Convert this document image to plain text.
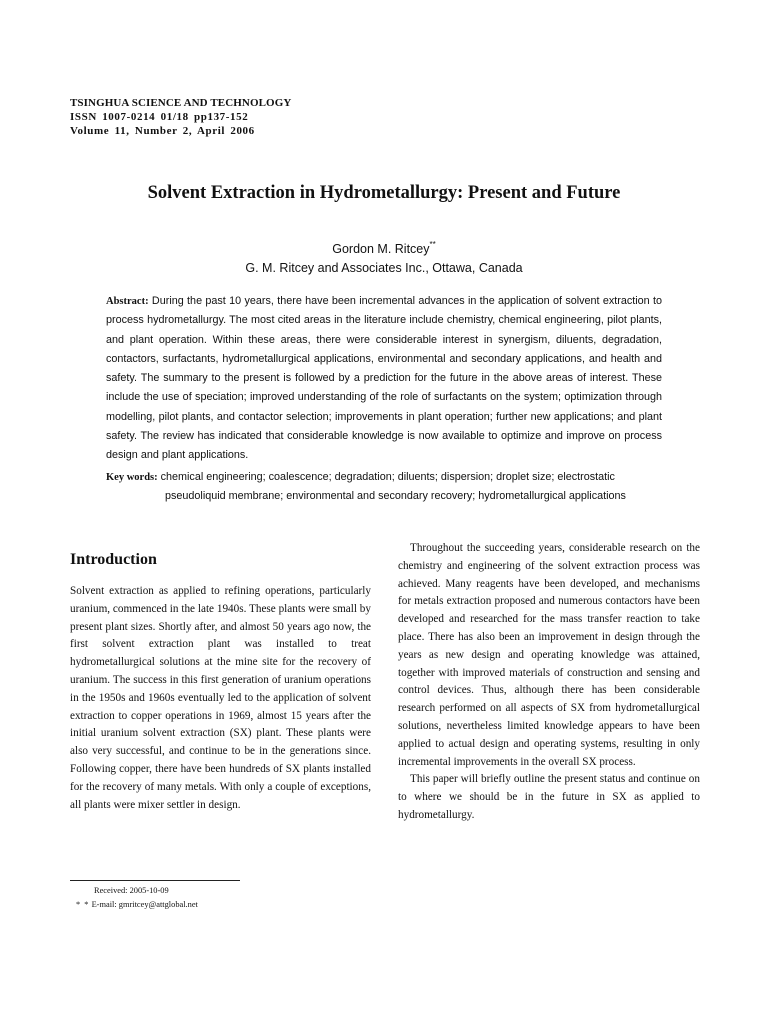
TSINGHUA SCIENCE AND TECHNOLOGY
ISSN 1007-0214 01/18 pp137-152
Volume 11, Number 2, April 2006
Solvent Extraction in Hydrometallurgy: Present and Future
Gordon M. Ritcey**
G. M. Ritcey and Associates Inc., Ottawa, Canada
Abstract: During the past 10 years, there have been incremental advances in the application of solvent extraction to process hydrometallurgy. The most cited areas in the literature include chemistry, chemical engineering, pilot plants, and plant operation. Within these areas, there were considerable interest in synergism, diluents, degradation, contactors, surfactants, hydrometallurgical applications, environmental and secondary applications, and health and safety. The summary to the present is followed by a prediction for the future in the above areas of interest. These include the use of speciation; improved understanding of the role of surfactants on the system; optimization through modelling, pilot plants, and contactor selection; improvements in plant operation; further new applications; and plant safety. The review has indicated that considerable knowledge is now available to optimize and improve on process design and plant applications.
Key words: chemical engineering; coalescence; degradation; diluents; dispersion; droplet size; electrostatic pseudoliquid membrane; environmental and secondary recovery; hydrometallurgical applications
Introduction

Solvent extraction as applied to refining operations, particularly uranium, commenced in the late 1940s. These plants were small by present plant sizes. Shortly after, and almost 50 years ago now, the first solvent extraction plant was installed to treat hydrometallurgical solutions at the mine site for the recovery of uranium. The success in this first generation of uranium operations in the 1950s and 1960s eventually led to the application of solvent extraction to copper operations in 1969, almost 15 years after the initial uranium solvent extraction (SX) plant. These plants were also very successful, and continue to be in the generations since. Following copper, there have been hundreds of SX plants installed for the recovery of many metals. With only a couple of exceptions, all plants were mixer settler in design.

Throughout the succeeding years, considerable research on the chemistry and engineering of the solvent extraction process was achieved. Many reagents have been developed, and mechanisms for metals extraction proposed and numerous contactors have been developed and researched for the mass transfer reaction to take place. There has also been an improvement in design through the years as new design and operating knowledge was attained, together with improved materials of construction and sensing and control devices. Thus, although there has been considerable research performed on all aspects of SX from hydrometallurgical solutions, nevertheless limited knowledge appears to have been applied to actual design and operating systems, resulting in only incremental improvements in the overall SX process.

This paper will briefly outline the present status and continue on to where we should be in the future in SX as applied to hydrometallurgy.

Received: 2005-10-09
* * E-mail: gmritcey@attglobal.net
